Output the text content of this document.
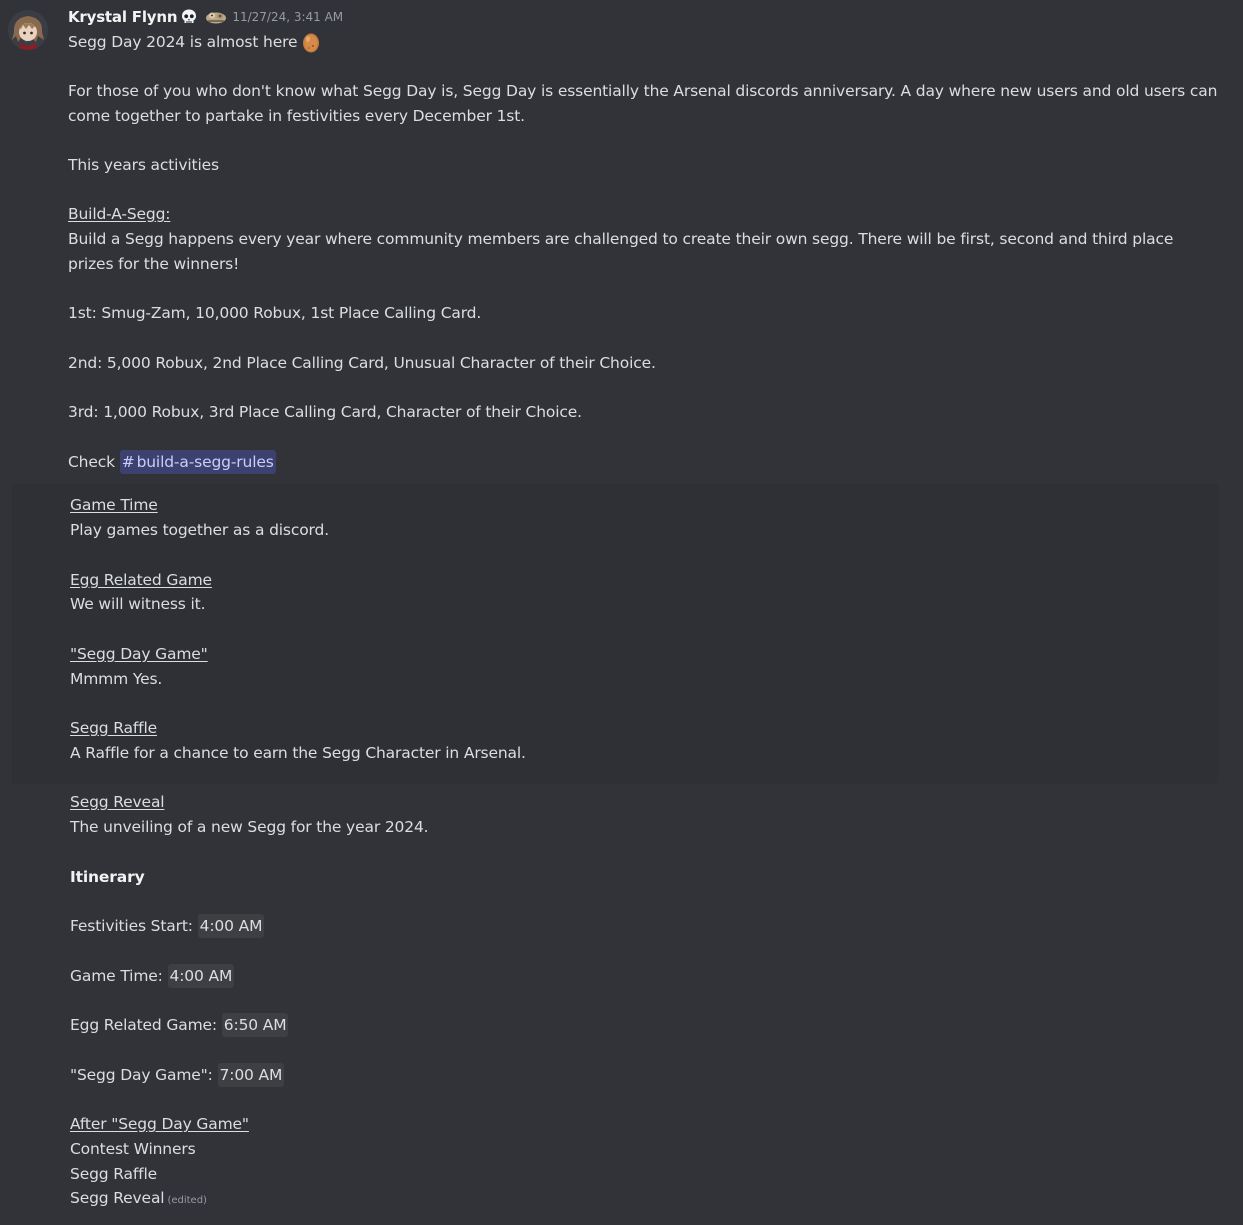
Krystal Flynn	11/27/24, 3:41 AM
Segg Day 2024 is almost here
For those of you who don't know what Segg Day is, Segg Day is essentially the Arsenal discords anniversary. A day where new users and old users can come together to partake in festivities every December 1st.
This years activities
Build-A-Segg:
Build a Segg happens every year where community members are challenged to create their own segg. There will be first, second and third place prizes for the winners!
1st: Smug-Zam, 10,000 Robux, 1st Place Calling Card.
2nd: 5,000 Robux, 2nd Place Calling Card, Unusual Character of their Choice.
3rd: 1,000 Robux, 3rd Place Calling Card, Character of their Choice.
Check # build-a-segg-rules
Game Time
Play games together as a discord.
Egg Related Game
We will witness it.
"Segg Day Game"
Mmmm Yes.
Segg Raffle
A Raffle for a chance to earn the Segg Character in Arsenal.
Segg Reveal
The unveiling of a new Segg for the year 2024.
Itinerary
Festivities Start: 4:00 AM
Game Time: 4:00 AM
Egg Related Game: 6:50 AM
"Segg Day Game": 7:00 AM
After "Segg Day Game"
Contest Winners
Segg Raffle
Segg Reveal (edited)
